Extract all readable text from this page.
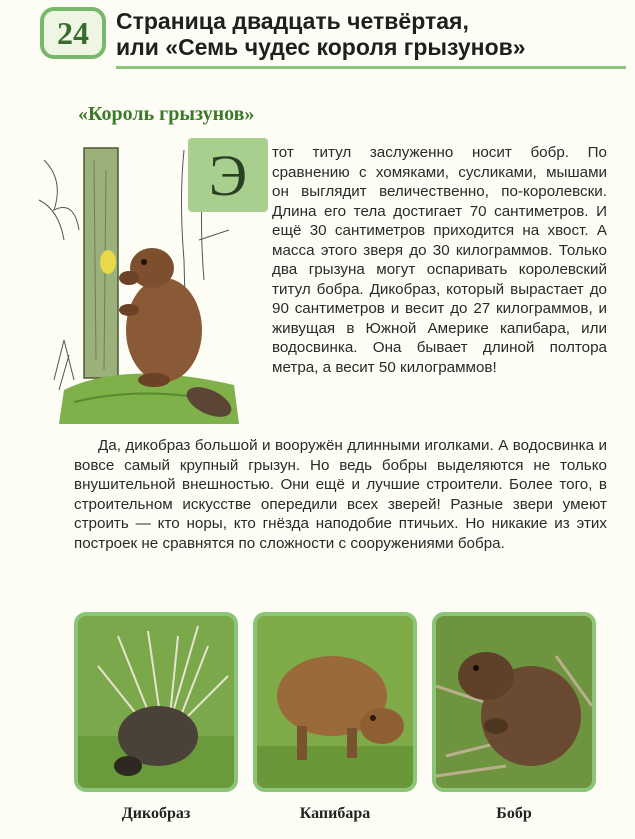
24 Страница двадцать четвёртая,
или «Семь чудес короля грызунов»
«Король грызунов»
Э	тот титул заслуженно носит бобр. По сравнению с хомяками, сусликами, мышами он выглядит величественно, по-королевски. Длина его тела достигает 70 сантиметров. И ещё 30 сантиметров приходится на хвост. А масса этого зверя до 30 килограммов. Только два грызуна могут оспаривать королевский титул бобра. Дикобраз, который вырастает до 90 сантиметров и весит до 27 килограммов, и живущая в Южной Америке капибара, или водосвинка. Она бывает длиной полтора метра, а весит 50 килограммов!

Да, дикобраз большой и вооружён длинными иголками. А водосвинка и вовсе самый крупный грызун. Но ведь бобры выделяются не только внушительной внешностью. Они ещё и лучшие строители. Более того, в строительном искусстве опередили всех зверей! Разные звери умеют строить — кто норы, кто гнёзда наподобие птичьих. Но никакие из этих построек не сравнятся по сложности с сооружениями бобра.

Дикобраз	Капибара	Бобр
